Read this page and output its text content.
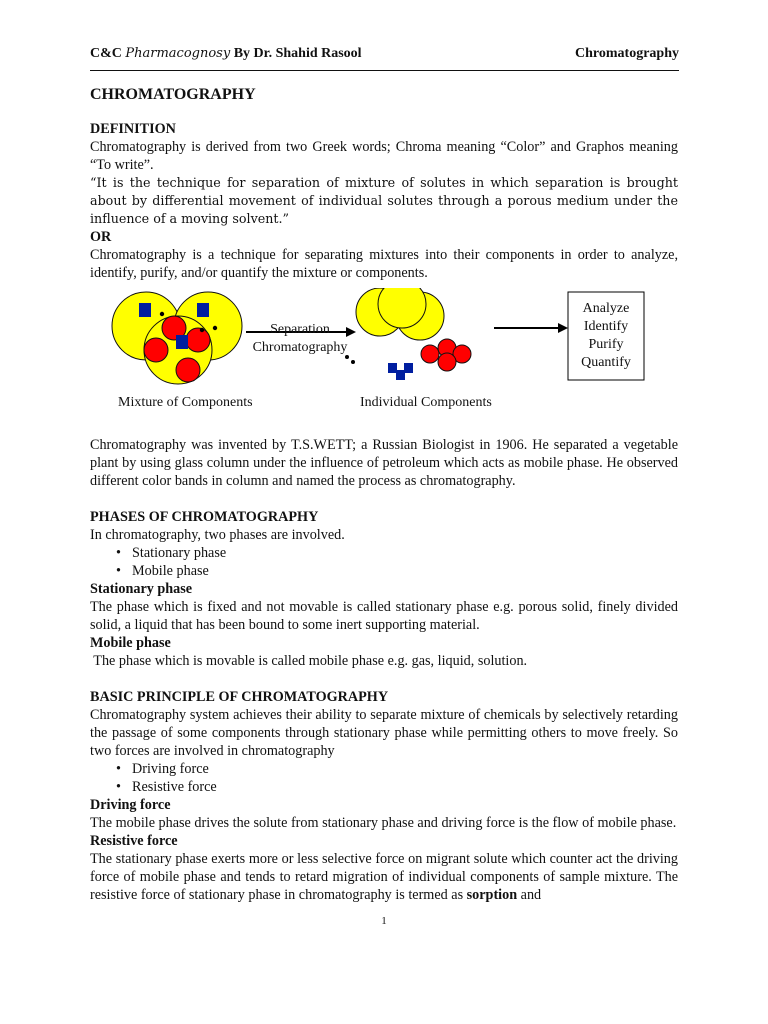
C&C Pharmacognosy By Dr. Shahid Rasool	Chromatography
CHROMATOGRAPHY
DEFINITION

Chromatography is derived from two Greek words; Chroma meaning “Color” and Graphos meaning “To write”.

“It is the technique for separation of mixture of solutes in which separation is brought about by differential movement of individual solutes through a porous medium under the influence of a moving solvent.”

OR

Chromatography is a technique for separating mixtures into their components in order to analyze, identify, purify, and/or quantify the mixture or components.

Separation
Chromatography
Analyze
Identify
Purify
Quantify
Mixture of Components	Individual Components

Chromatography was invented by T.S.WETT; a Russian Biologist in 1906. He separated a vegetable plant by using glass column under the influence of petroleum which acts as mobile phase. He observed different color bands in column and named the process as chromatography.

PHASES OF CHROMATOGRAPHY

In chromatography, two phases are involved.

• Stationary phase
• Mobile phase
Stationary phase

The phase which is fixed and not movable is called stationary phase e.g. porous solid, finely divided solid, a liquid that has been bound to some inert supporting material.

Mobile phase

The phase which is movable is called mobile phase e.g. gas, liquid, solution.

BASIC PRINCIPLE OF CHROMATOGRAPHY

Chromatography system achieves their ability to separate mixture of chemicals by selectively retarding the passage of some components through stationary phase while permitting others to move freely. So two forces are involved in chromatography

• Driving force
• Resistive force
Driving force

The mobile phase drives the solute from stationary phase and driving force is the flow of mobile phase.

Resistive force

The stationary phase exerts more or less selective force on migrant solute which counter act the driving force of mobile phase and tends to retard migration of individual components of sample mixture. The resistive force of stationary phase in chromatography is termed as sorption and

1
